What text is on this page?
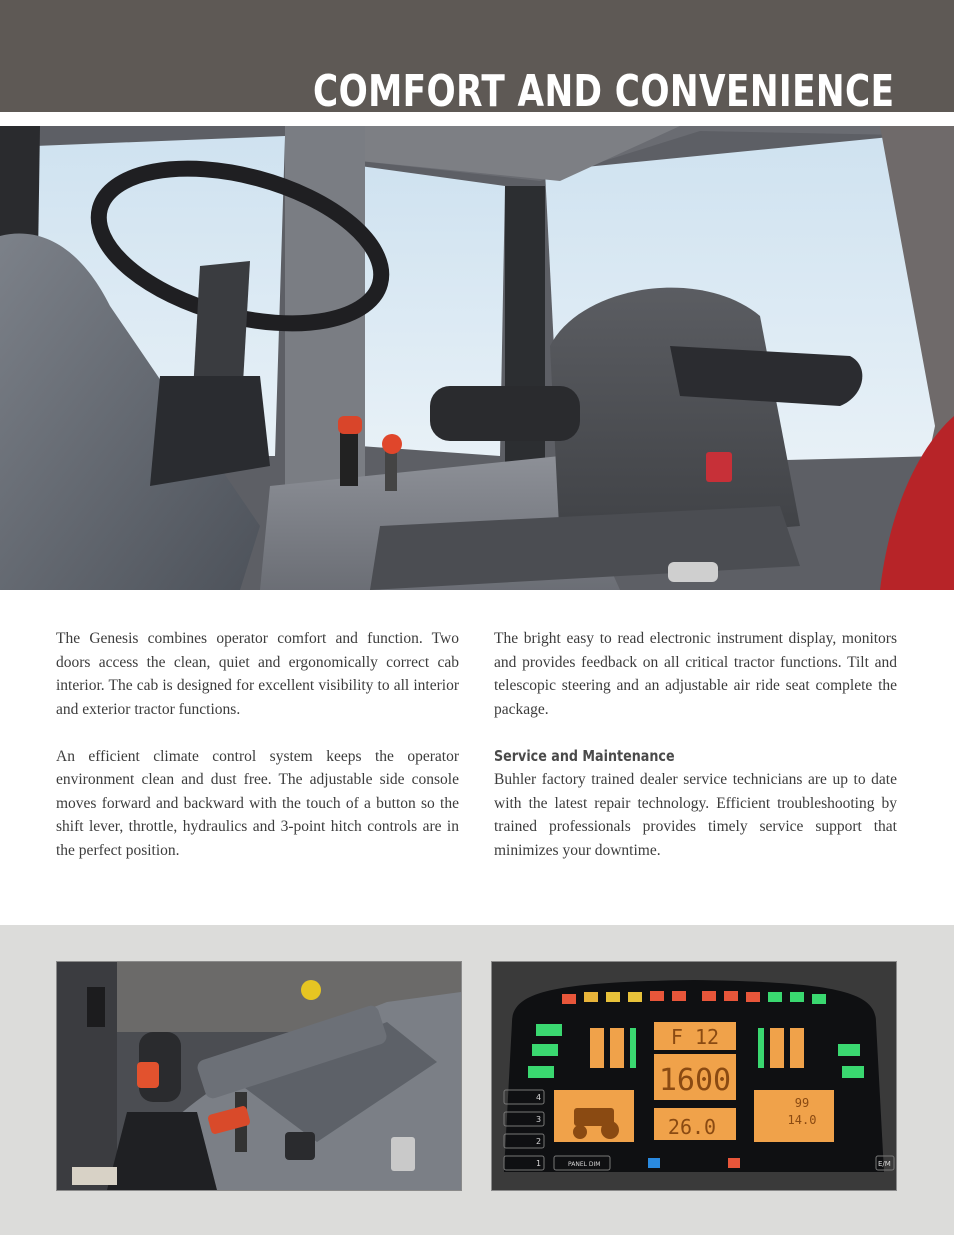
COMFORT AND CONVENIENCE

The Genesis combines operator comfort and function. Two doors access the clean, quiet and ergonomically correct cab interior. The cab is designed for excellent visibility to all interior and exterior tractor functions.

An efficient climate control system keeps the operator environment clean and dust free. The adjustable side console moves forward and backward with the touch of a button so the shift lever, throttle, hydraulics and 3-point hitch controls are in the perfect position.

The bright easy to read electronic instrument display, monitors and provides feedback on all critical tractor functions. Tilt and telescopic steering and an adjustable air ride seat complete the package.

Service and Maintenance

Buhler factory trained dealer service technicians are up to date with the latest repair technology. Efficient troubleshooting by trained professionals provides timely service support that minimizes your downtime.

F 12
1600
26.0
99
14.0
4
3
2
1	PANEL DIM	E/M
